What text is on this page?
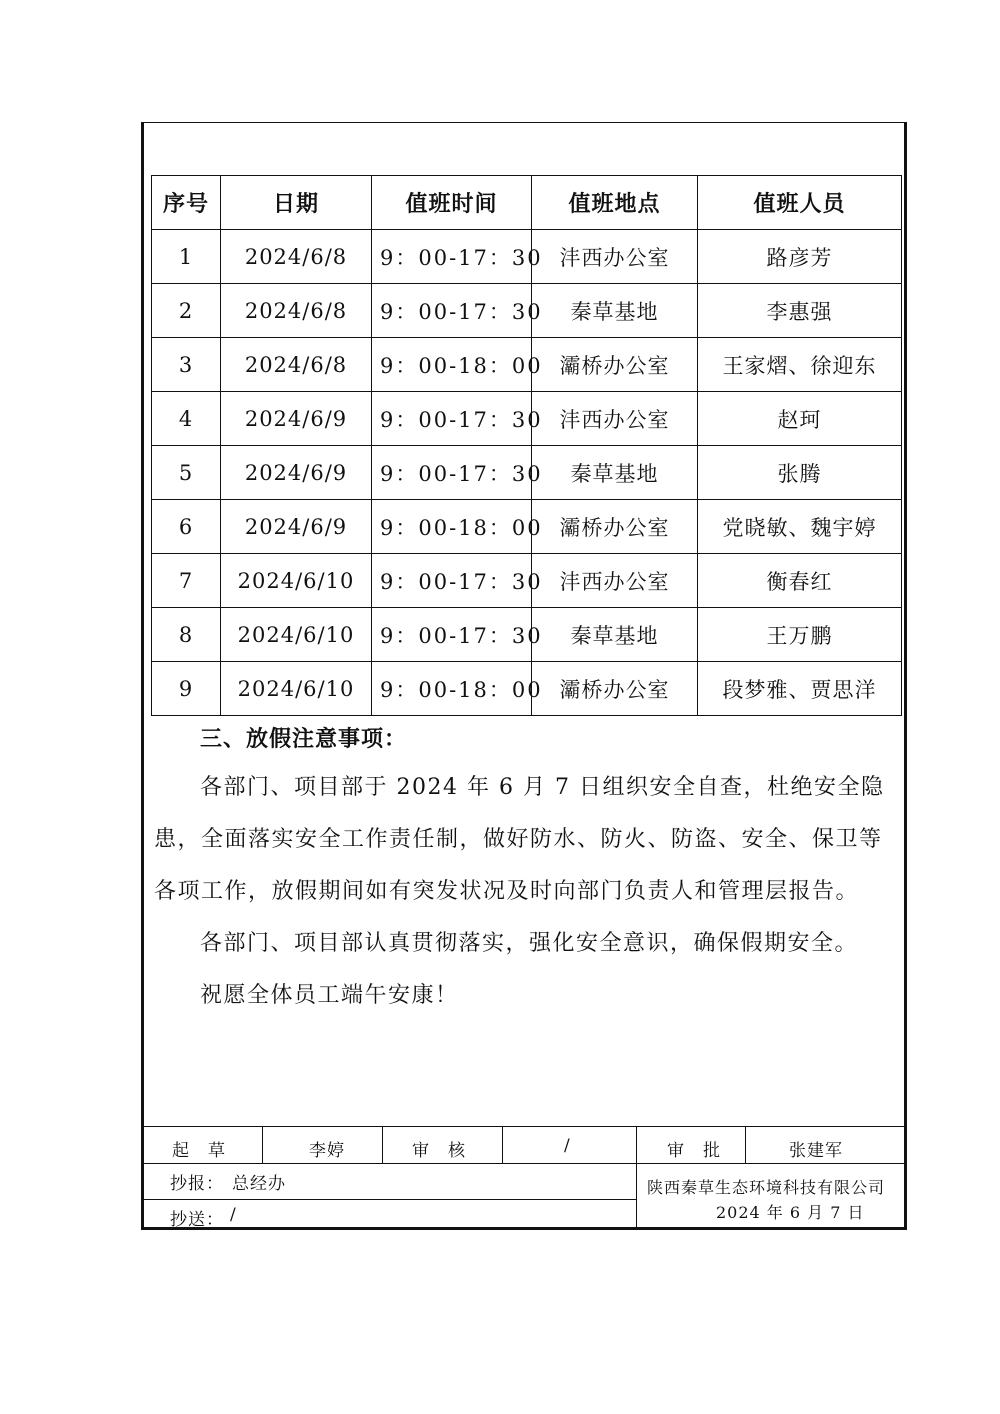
序号	日期	值班时间	值班地点	值班人员
1	2024/6/8	9：00-17：30	沣西办公室	路彦芳
2	2024/6/8	9：00-17：30	秦草基地	李惠强
3	2024/6/8	9：00-18：00	灞桥办公室	王家熠、徐迎东
4	2024/6/9	9：00-17：30	沣西办公室	赵珂
5	2024/6/9	9：00-17：30	秦草基地	张腾
6	2024/6/9	9：00-18：00	灞桥办公室	党晓敏、魏宇婷
7	2024/6/10	9：00-17：30	沣西办公室	衡春红
8	2024/6/10	9：00-17：30	秦草基地	王万鹏
9	2024/6/10	9：00-18：00	灞桥办公室	段梦雅、贾思洋
三、放假注意事项：

各部门、项目部于 2024 年 6 月 7 日组织安全自查，杜绝安全隐患，全面落实安全工作责任制，做好防水、防火、防盗、安全、保卫等各项工作，放假期间如有突发状况及时向部门负责人和管理层报告。

各部门、项目部认真贯彻落实，强化安全意识，确保假期安全。

祝愿全体员工端午安康！

起　草	李婷	审　核	/	审　批	张建军
抄报： 总经办	陕西秦草生态环境科技有限公司
抄送： /	2024 年 6 月 7 日
